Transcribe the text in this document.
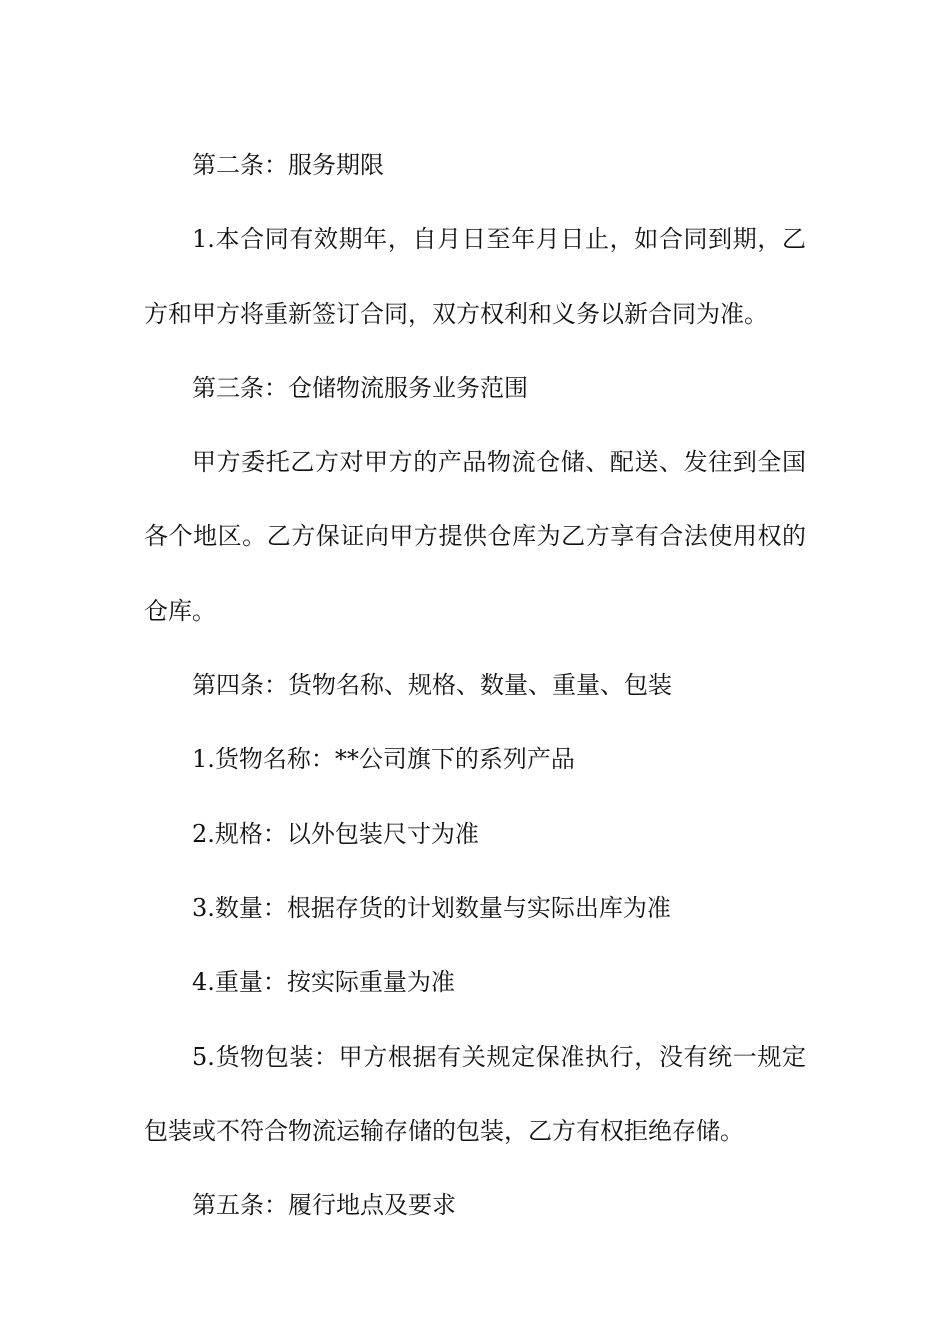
第二条：服务期限

1.本合同有效期年，自月日至年月日止，如合同到期，乙方和甲方将重新签订合同，双方权利和义务以新合同为准。

第三条：仓储物流服务业务范围

甲方委托乙方对甲方的产品物流仓储、配送、发往到全国各个地区。乙方保证向甲方提供仓库为乙方享有合法使用权的仓库。

第四条：货物名称、规格、数量、重量、包装

1.货物名称：**公司旗下的系列产品

2.规格：以外包装尺寸为准

3.数量：根据存货的计划数量与实际出库为准

4.重量：按实际重量为准

5.货物包装：甲方根据有关规定保准执行，没有统一规定包装或不符合物流运输存储的包装，乙方有权拒绝存储。

第五条：履行地点及要求
